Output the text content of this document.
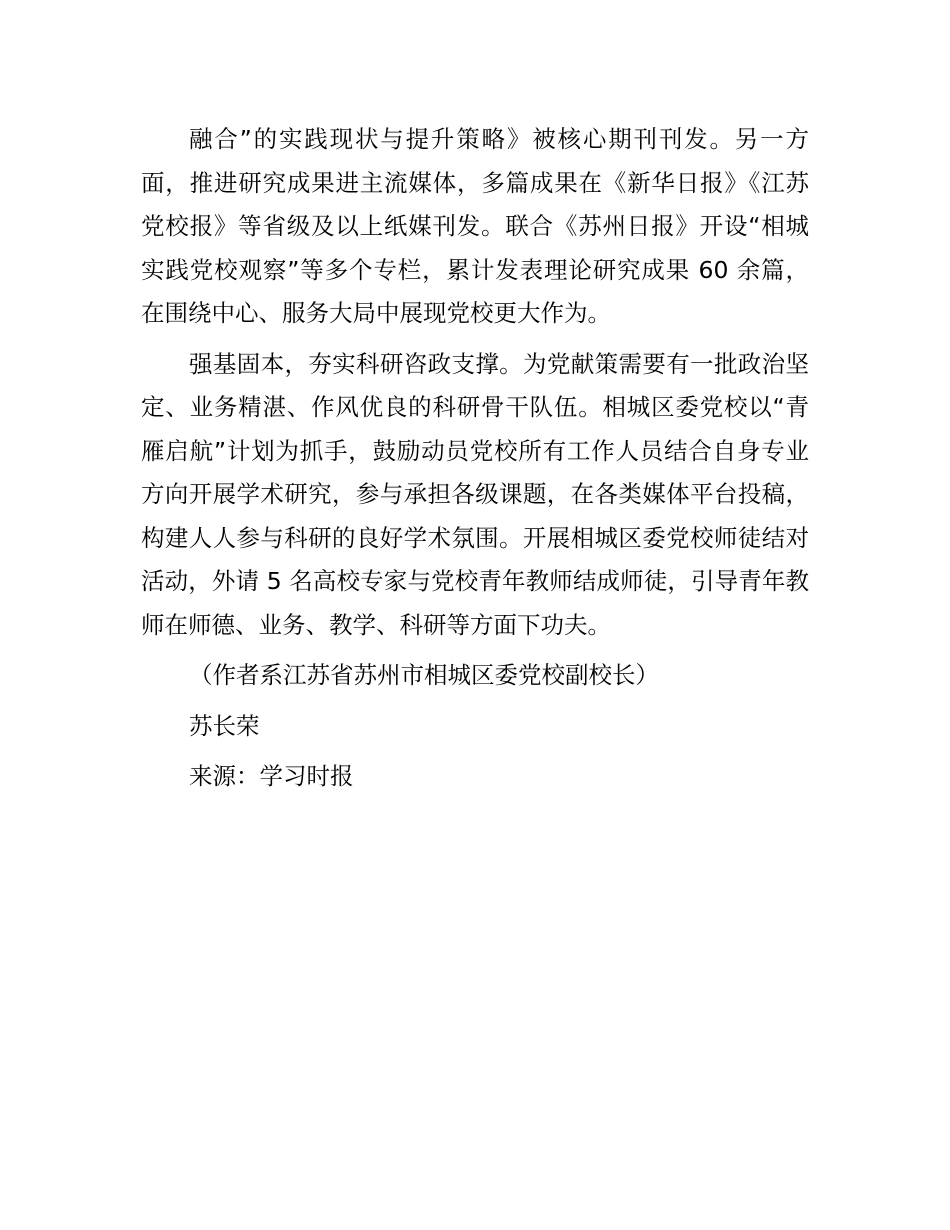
融合”的实践现状与提升策略》被核心期刊刊发。另一方面，推进研究成果进主流媒体，多篇成果在《新华日报》《江苏党校报》等省级及以上纸媒刊发。联合《苏州日报》开设“相城实践党校观察”等多个专栏，累计发表理论研究成果 60 余篇，在围绕中心、服务大局中展现党校更大作为。

强基固本，夯实科研咨政支撑。为党献策需要有一批政治坚定、业务精湛、作风优良的科研骨干队伍。相城区委党校以“青雁启航”计划为抓手，鼓励动员党校所有工作人员结合自身专业方向开展学术研究，参与承担各级课题，在各类媒体平台投稿，构建人人参与科研的良好学术氛围。开展相城区委党校师徒结对活动，外请 5 名高校专家与党校青年教师结成师徒，引导青年教师在师德、业务、教学、科研等方面下功夫。

（作者系江苏省苏州市相城区委党校副校长）

苏长荣

来源：学习时报
